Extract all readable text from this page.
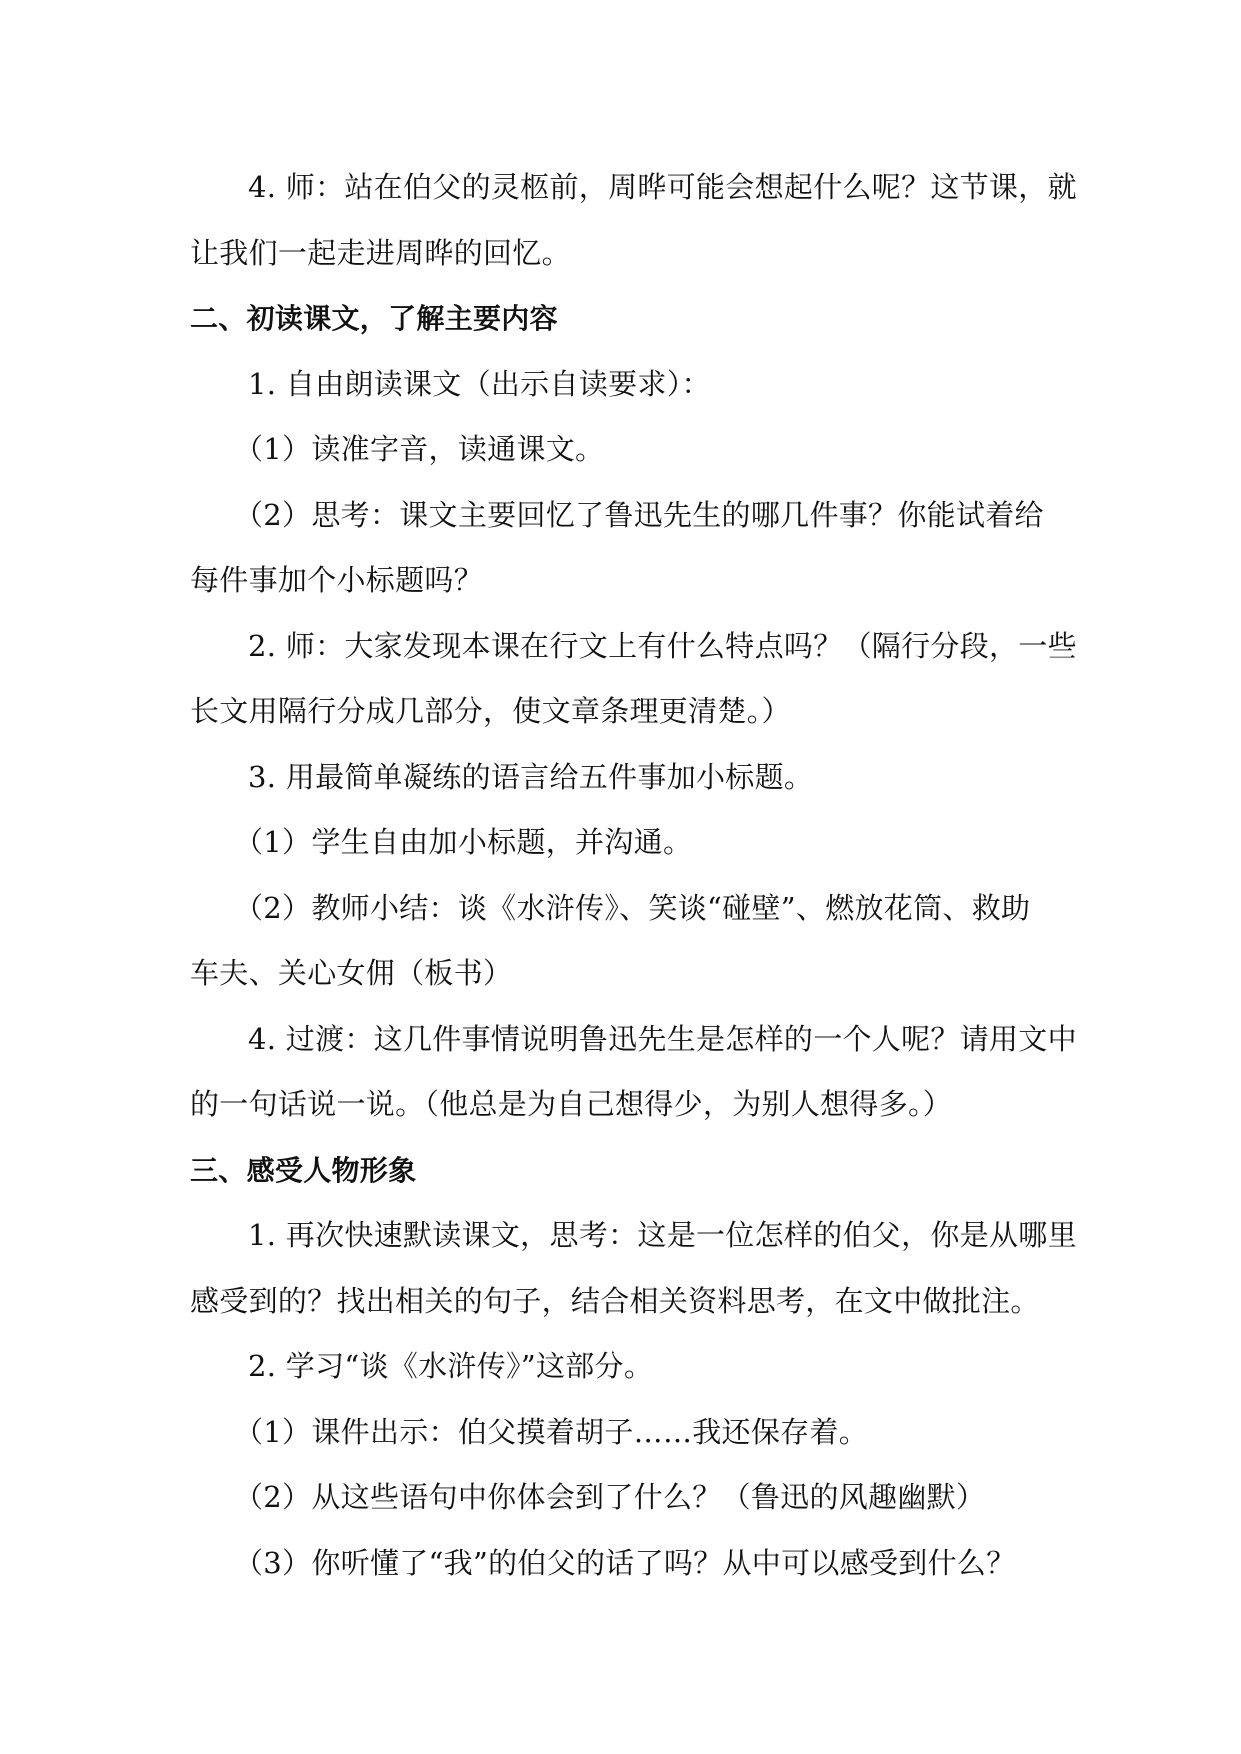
4. 师：站在伯父的灵柩前，周晔可能会想起什么呢？这节课，就
让我们一起走进周晔的回忆。
二、初读课文，了解主要内容
1. 自由朗读课文（出示自读要求）：
（1）读准字音，读通课文。
（2）思考：课文主要回忆了鲁迅先生的哪几件事？你能试着给
每件事加个小标题吗？
2. 师：大家发现本课在行文上有什么特点吗？（隔行分段，一些
长文用隔行分成几部分，使文章条理更清楚。）
3. 用最简单凝练的语言给五件事加小标题。
（1）学生自由加小标题，并沟通。
（2）教师小结：谈《水浒传》、笑谈“碰壁”、燃放花筒、救助
车夫、关心女佣（板书）
4. 过渡：这几件事情说明鲁迅先生是怎样的一个人呢？请用文中
的一句话说一说。（他总是为自己想得少，为别人想得多。）
三、感受人物形象
1. 再次快速默读课文，思考：这是一位怎样的伯父，你是从哪里
感受到的？找出相关的句子，结合相关资料思考，在文中做批注。
2. 学习“谈《水浒传》”这部分。
（1）课件出示：伯父摸着胡子……我还保存着。
（2）从这些语句中你体会到了什么？（鲁迅的风趣幽默）
（3）你听懂了“我”的伯父的话了吗？从中可以感受到什么？
